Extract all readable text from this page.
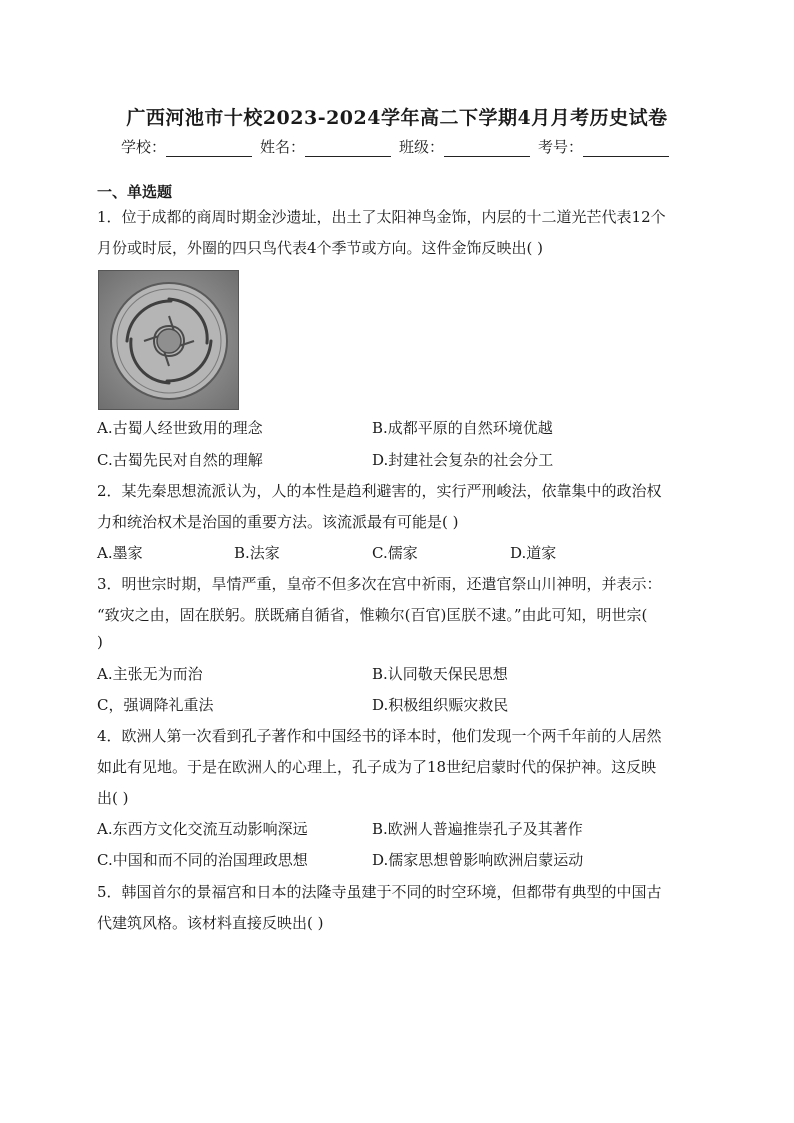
广西河池市十校2023-2024学年高二下学期4月月考历史试卷
学校：	姓名：	班级：	考号：
一、单选题
1．位于成都的商周时期金沙遗址，出土了太阳神鸟金饰，内层的十二道光芒代表12个
月份或时辰，外圈的四只鸟代表4个季节或方向。这件金饰反映出( )
A.古蜀人经世致用的理念	B.成都平原的自然环境优越
C.古蜀先民对自然的理解	D.封建社会复杂的社会分工
2．某先秦思想流派认为，人的本性是趋利避害的，实行严刑峻法，依靠集中的政治权
力和统治权术是治国的重要方法。该流派最有可能是( )
A.墨家	B.法家	C.儒家	D.道家
3．明世宗时期，旱情严重，皇帝不但多次在宫中祈雨，还遣官祭山川神明，并表示：
“致灾之由，固在朕躬。朕既痛自循省，惟赖尔(百官)匡朕不逮。”由此可知，明世宗(
)
A.主张无为而治	B.认同敬天保民思想
C，强调降礼重法	D.积极组织赈灾救民
4．欧洲人第一次看到孔子著作和中国经书的译本时，他们发现一个两千年前的人居然
如此有见地。于是在欧洲人的心理上，孔子成为了18世纪启蒙时代的保护神。这反映
出( )
A.东西方文化交流互动影响深远	B.欧洲人普遍推崇孔子及其著作
C.中国和而不同的治国理政思想	D.儒家思想曾影响欧洲启蒙运动
5．韩国首尔的景福宫和日本的法隆寺虽建于不同的时空环境，但都带有典型的中国古
代建筑风格。该材料直接反映出( )
